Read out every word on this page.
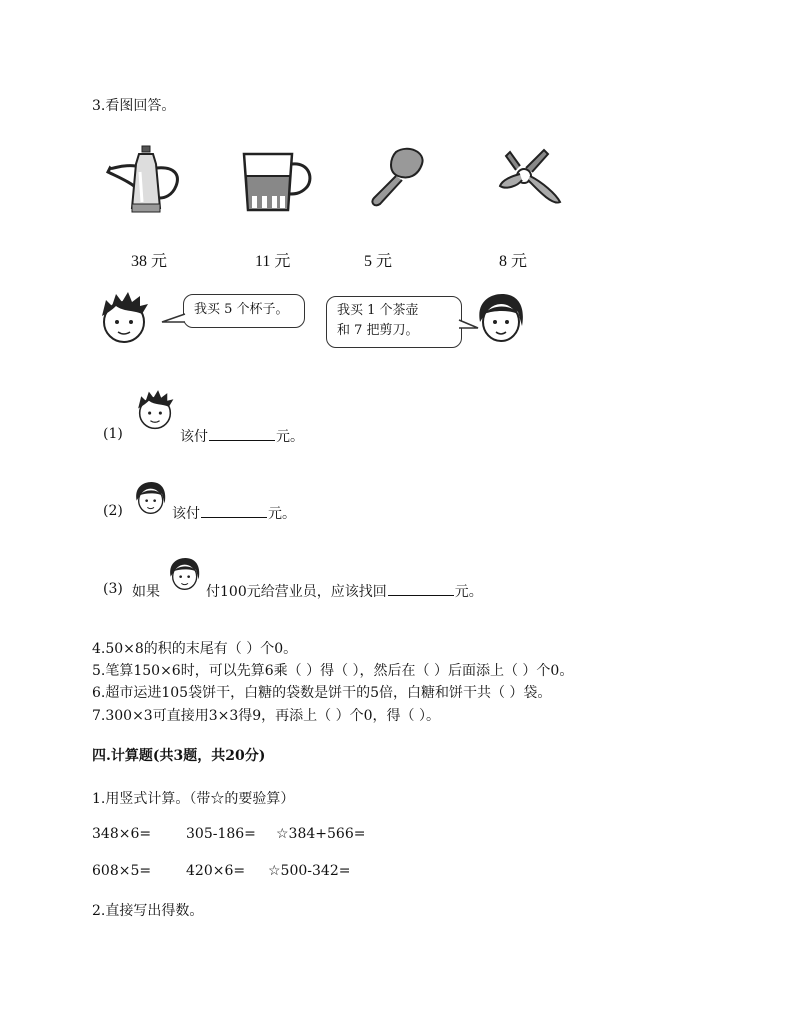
3.看图回答。
38 元	11 元	5 元	8 元
我买 5 个杯子。	我买 1 个茶壶
和 7 把剪刀。
(1)	该付	元。
(2)	该付	元。
(3) 如果	付100元给营业员，应该找回	元。
4.50×8的积的末尾有（ ）个0。
5.笔算150×6时，可以先算6乘（ ）得（ ），然后在（ ）后面添上（ ）个0。
6.超市运进105袋饼干，白糖的袋数是饼干的5倍，白糖和饼干共（ ）袋。
7.300×3可直接用3×3得9，再添上（ ）个0，得（ ）。
四.计算题(共3题，共20分)
1.用竖式计算。（带☆的要验算）
348×6= 305-186= ☆384+566=
608×5= 420×6= ☆500-342=
2.直接写出得数。
